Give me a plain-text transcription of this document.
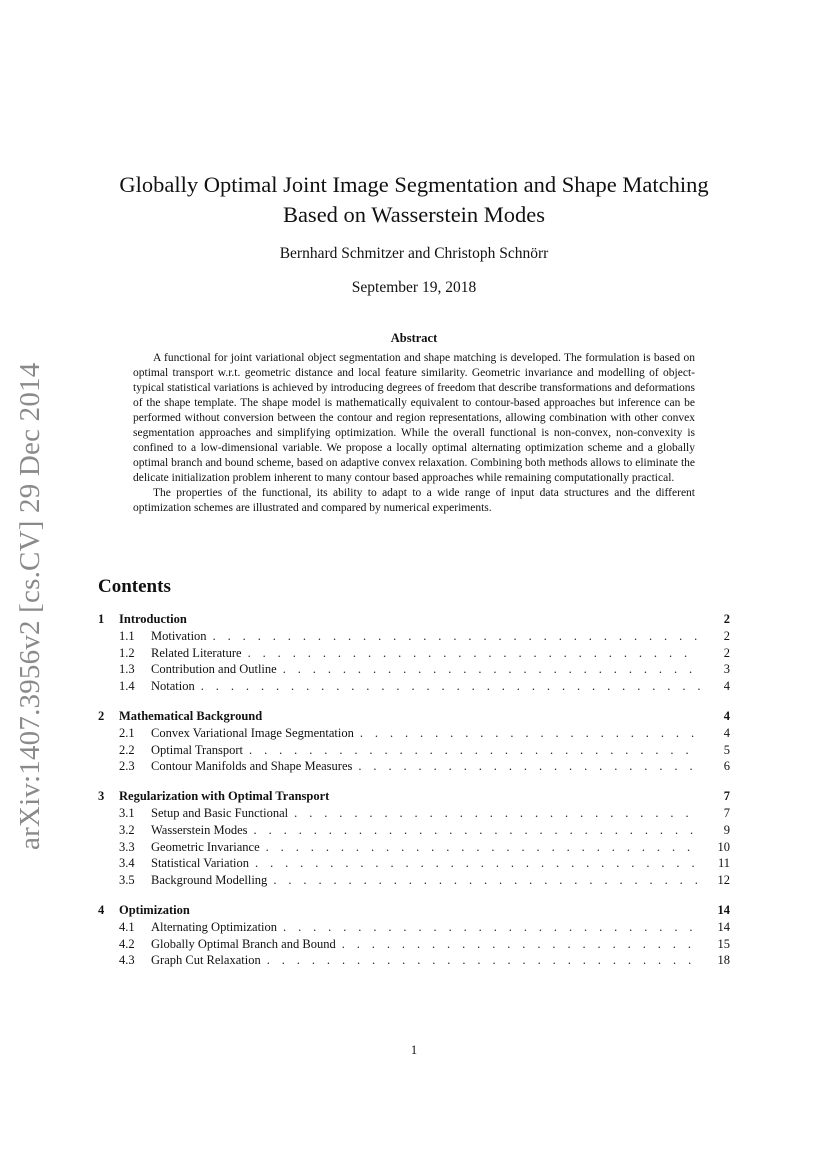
arXiv:1407.3956v2 [cs.CV] 29 Dec 2014
Globally Optimal Joint Image Segmentation and Shape Matching
Based on Wasserstein Modes
Bernhard Schmitzer and Christoph Schnörr
September 19, 2018
Abstract

A functional for joint variational object segmentation and shape matching is developed. The formulation is based on optimal transport w.r.t. geometric distance and local feature similarity. Geometric invariance and modelling of object-typical statistical variations is achieved by introducing degrees of freedom that describe transformations and deformations of the shape template. The shape model is mathematically equivalent to contour-based approaches but inference can be performed without conversion between the contour and region representations, allowing combination with other convex segmentation approaches and simplifying optimization. While the overall functional is non-convex, non-convexity is confined to a low-dimensional variable. We propose a locally optimal alternating optimization scheme and a globally optimal branch and bound scheme, based on adaptive convex relaxation. Combining both methods allows to eliminate the delicate initialization problem inherent to many contour based approaches while remaining computationally practical.

The properties of the functional, its ability to adapt to a wide range of input data structures and the different optimization schemes are illustrated and compared by numerical experiments.

Contents
1	Introduction	2
1.1	Motivation . . .	2
1.2	Related Literature . . .	2
1.3	Contribution and Outline . . .	3
1.4	Notation . . .	4
2	Mathematical Background	4
2.1	Convex Variational Image Segmentation . . .	4
2.2	Optimal Transport . . .	5
2.3	Contour Manifolds and Shape Measures . . .	6
3	Regularization with Optimal Transport	7
3.1	Setup and Basic Functional . . .	7
3.2	Wasserstein Modes . . .	9
3.3	Geometric Invariance . . .	10
3.4	Statistical Variation . . .	11
3.5	Background Modelling . . .	12
4	Optimization	14
4.1	Alternating Optimization . . .	14
4.2	Globally Optimal Branch and Bound . . .	15
4.3	Graph Cut Relaxation . . .	18
1
